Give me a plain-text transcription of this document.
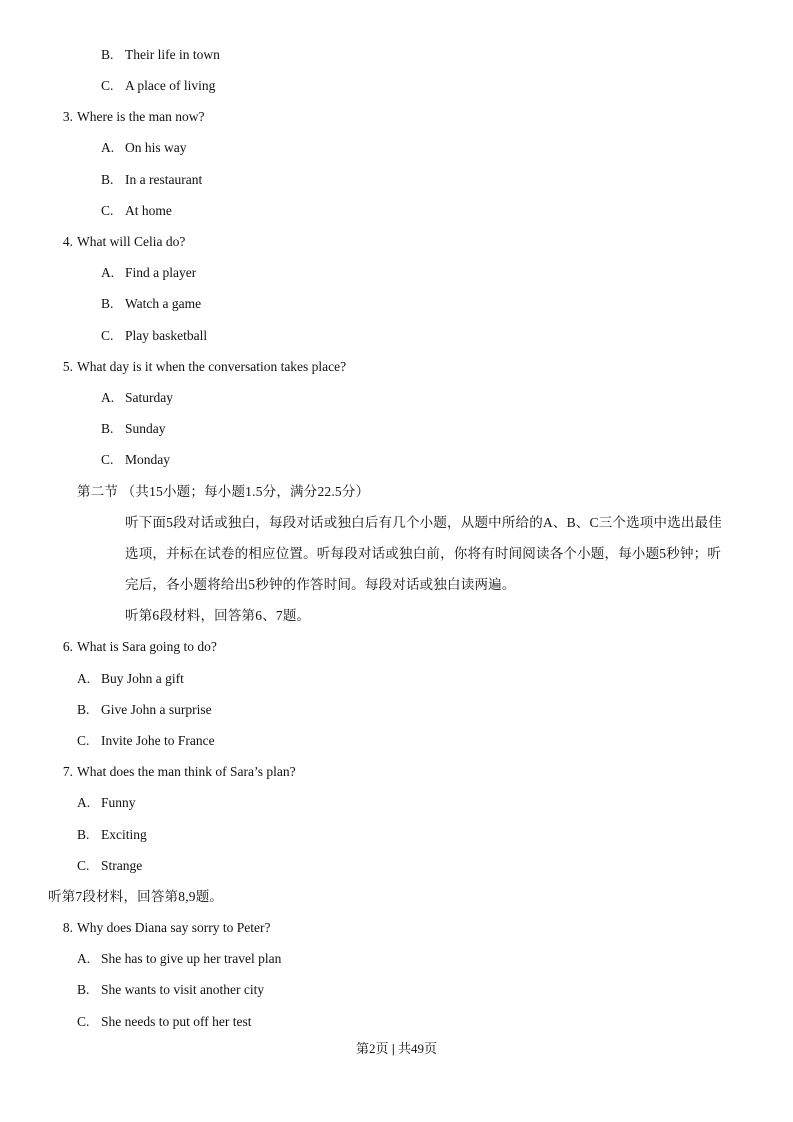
B. Their life in town
C. A place of living
3. Where is the man now?
A. On his way
B. In a restaurant
C. At home
4. What will Celia do?
A. Find a player
B. Watch a game
C. Play basketball
5. What day is it when the conversation takes place?
A. Saturday
B. Sunday
C. Monday
第二节 （共15小题；每小题1.5分，满分22.5分）
听下面5段对话或独白，每段对话或独白后有几个小题，从题中所给的A、B、C三个选项中选出最佳
选项，并标在试卷的相应位置。听每段对话或独白前，你将有时间阅读各个小题，每小题5秒钟；听
完后，各小题将给出5秒钟的作答时间。每段对话或独白读两遍。
听第6段材料，回答第6、7题。
6. What is Sara going to do?
A. Buy John a gift
B. Give John a surprise
C. Invite Johe to France
7. What does the man think of Sara’s plan?
A. Funny
B. Exciting
C. Strange
听第7段材料，回答第8,9题。
8. Why does Diana say sorry to Peter?
A. She has to give up her travel plan
B. She wants to visit another city
C. She needs to put off her test
第2页 | 共49页
